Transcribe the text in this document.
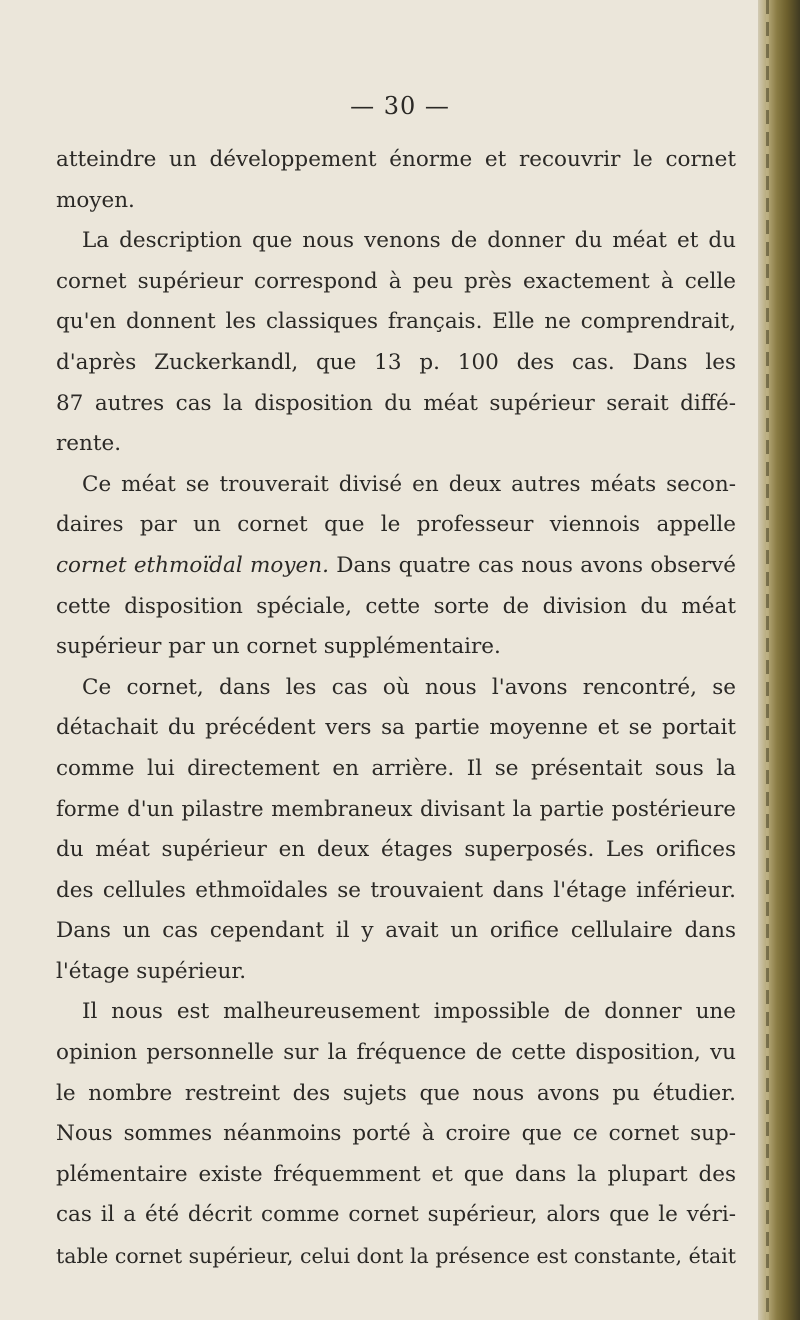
— 30 —
atteindre un développement énorme et recouvrir le cornet
moyen.
La description que nous venons de donner du méat et du
cornet supérieur correspond à peu près exactement à celle
qu'en donnent les classiques français. Elle ne comprendrait,
d'après Zuckerkandl, que 13 p. 100 des cas. Dans les
87 autres cas la disposition du méat supérieur serait diffé-
rente.
Ce méat se trouverait divisé en deux autres méats secon-
daires par un cornet que le professeur viennois appelle
cornet ethmoïdal moyen. Dans quatre cas nous avons observé
cette disposition spéciale, cette sorte de division du méat
supérieur par un cornet supplémentaire.
Ce cornet, dans les cas où nous l'avons rencontré, se
détachait du précédent vers sa partie moyenne et se portait
comme lui directement en arrière. Il se présentait sous la
forme d'un pilastre membraneux divisant la partie postérieure
du méat supérieur en deux étages superposés. Les orifices
des cellules ethmoïdales se trouvaient dans l'étage inférieur.
Dans un cas cependant il y avait un orifice cellulaire dans
l'étage supérieur.
Il nous est malheureusement impossible de donner une
opinion personnelle sur la fréquence de cette disposition, vu
le nombre restreint des sujets que nous avons pu étudier.
Nous sommes néanmoins porté à croire que ce cornet sup-
plémentaire existe fréquemment et que dans la plupart des
cas il a été décrit comme cornet supérieur, alors que le véri-
table cornet supérieur, celui dont la présence est constante, était
